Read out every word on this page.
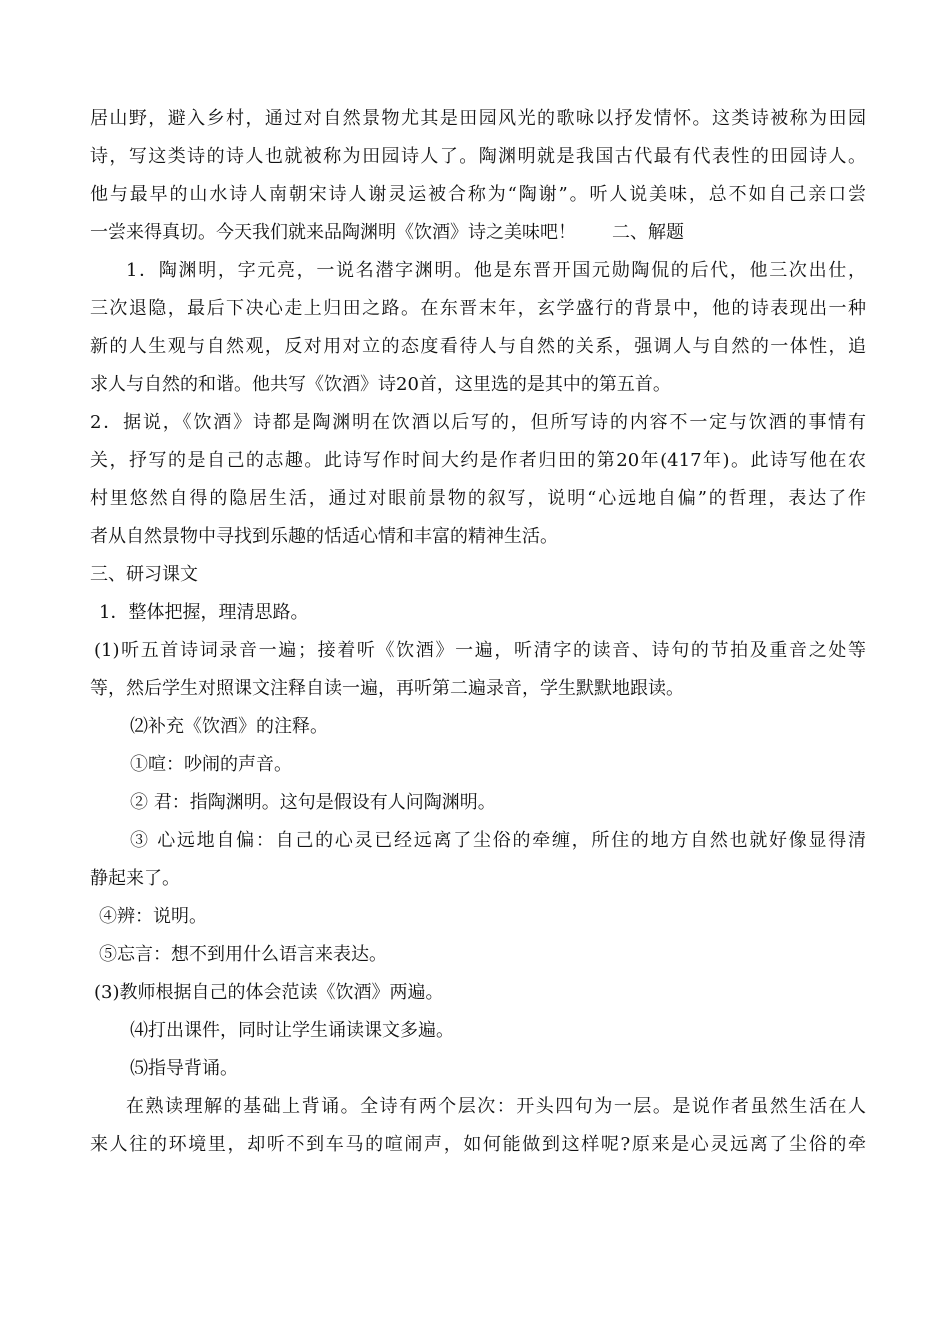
居山野，避入乡村，通过对自然景物尤其是田园风光的歌咏以抒发情怀。这类诗被称为田园
诗，写这类诗的诗人也就被称为田园诗人了。陶渊明就是我国古代最有代表性的田园诗人。
他与最早的山水诗人南朝宋诗人谢灵运被合称为“陶谢”。听人说美味，总不如自己亲口尝
一尝来得真切。今天我们就来品陶渊明《饮酒》诗之美味吧！　　二、解题
1．陶渊明，字元亮，一说名潜字渊明。他是东晋开国元勋陶侃的后代，他三次出仕，
三次退隐，最后下决心走上归田之路。在东晋末年，玄学盛行的背景中，他的诗表现出一种
新的人生观与自然观，反对用对立的态度看待人与自然的关系，强调人与自然的一体性，追
求人与自然的和谐。他共写《饮酒》诗20首，这里选的是其中的第五首。
2．据说，《饮酒》诗都是陶渊明在饮酒以后写的，但所写诗的内容不一定与饮酒的事情有
关，抒写的是自己的志趣。此诗写作时间大约是作者归田的第20年(417年)。此诗写他在农
村里悠然自得的隐居生活，通过对眼前景物的叙写，说明“心远地自偏”的哲理，表达了作
者从自然景物中寻找到乐趣的恬适心情和丰富的精神生活。
三、研习课文
1．整体把握，理清思路。
(1)听五首诗词录音一遍；接着听《饮酒》一遍，听清字的读音、诗句的节拍及重音之处等
等，然后学生对照课文注释自读一遍，再听第二遍录音，学生默默地跟读。
⑵补充《饮酒》的注释。
①喧：吵闹的声音。
② 君：指陶渊明。这句是假设有人问陶渊明。
③ 心远地自偏：自己的心灵已经远离了尘俗的牵缠，所住的地方自然也就好像显得清
静起来了。
④辨：说明。
⑤忘言：想不到用什么语言来表达。
(3)教师根据自己的体会范读《饮酒》两遍。
⑷打出课件，同时让学生诵读课文多遍。
⑸指导背诵。
在熟读理解的基础上背诵。全诗有两个层次：开头四句为一层。是说作者虽然生活在人
来人往的环境里，却听不到车马的喧闹声，如何能做到这样呢?原来是心灵远离了尘俗的牵
